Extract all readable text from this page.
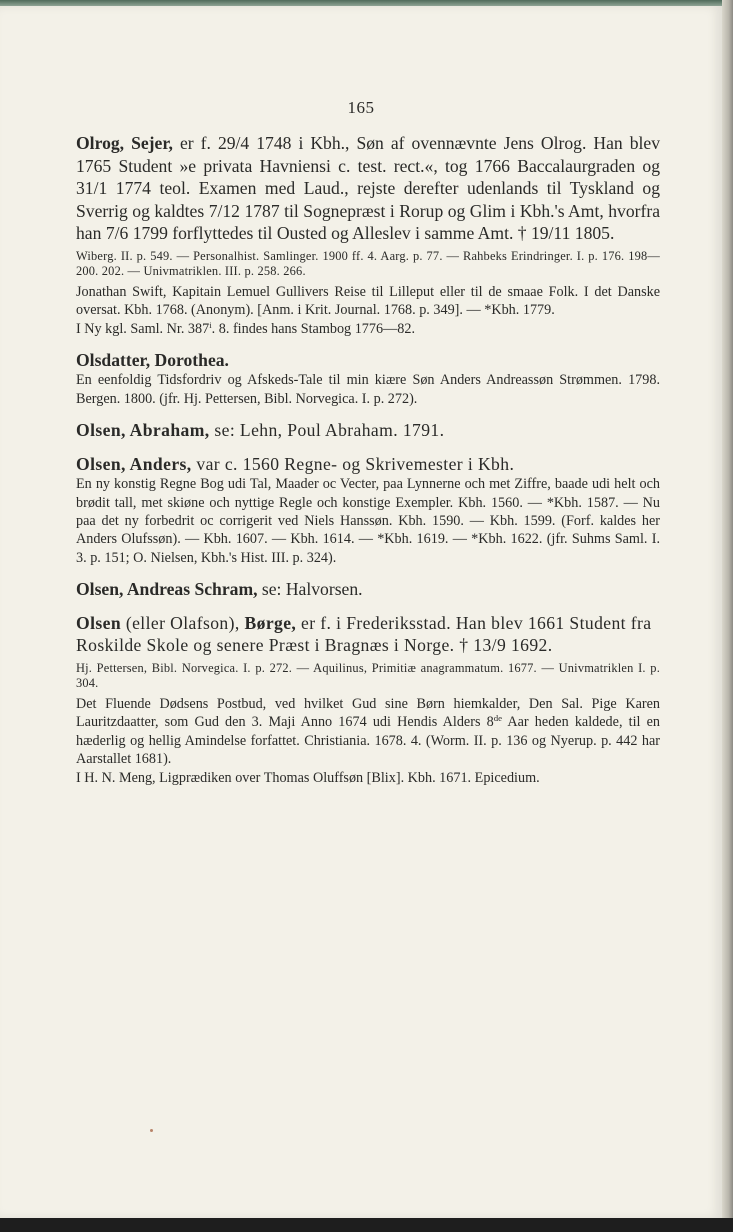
165

Olrog, Sejer, er f. 29/4 1748 i Kbh., Søn af ovennævnte Jens Olrog. Han blev 1765 Student »e privata Havniensi c. test. rect.«, tog 1766 Baccalaurgraden og 31/1 1774 teol. Examen med Laud., rejste derefter udenlands til Tyskland og Sverrig og kaldtes 7/12 1787 til Sognepræst i Rorup og Glim i Kbh.'s Amt, hvorfra han 7/6 1799 forflyttedes til Ousted og Alleslev i samme Amt. † 19/11 1805.

Wiberg. II. p. 549. — Personalhist. Samlinger. 1900 ff. 4. Aarg. p. 77. — Rahbeks Erindringer. I. p. 176. 198—200. 202. — Univmatriklen. III. p. 258. 266.

Jonathan Swift, Kapitain Lemuel Gullivers Reise til Lilleput eller til de smaae Folk. I det Danske oversat. Kbh. 1768. (Anonym). [Anm. i Krit. Journal. 1768. p. 349]. — *Kbh. 1779.

I Ny kgl. Saml. Nr. 387$^i$. 8. findes hans Stambog 1776—82.

Olsdatter, Dorothea.

En eenfoldig Tidsfordriv og Afskeds-Tale til min kiære Søn Anders Andreassøn Strømmen. 1798. Bergen. 1800. (jfr. Hj. Pettersen, Bibl. Norvegica. I. p. 272).

Olsen, Abraham, se: Lehn, Poul Abraham. 1791.

Olsen, Anders, var c. 1560 Regne- og Skrivemester i Kbh.

En ny konstig Regne Bog udi Tal, Maader oc Vecter, paa Lynnerne och met Ziffre, baade udi helt och brødit tall, met skiøne och nyttige Regle och konstige Exempler. Kbh. 1560. — *Kbh. 1587. — Nu paa det ny forbedrit oc corrigerit ved Niels Hanssøn. Kbh. 1590. — Kbh. 1599. (Forf. kaldes her Anders Olufssøn). — Kbh. 1607. — Kbh. 1614. — *Kbh. 1619. — *Kbh. 1622. (jfr. Suhms Saml. I. 3. p. 151; O. Nielsen, Kbh.'s Hist. III. p. 324).

Olsen, Andreas Schram, se: Halvorsen.

Olsen (eller Olafson), Børge, er f. i Frederiksstad. Han blev 1661 Student fra Roskilde Skole og senere Præst i Bragnæs i Norge. † 13/9 1692.

Hj. Pettersen, Bibl. Norvegica. I. p. 272. — Aquilinus, Primitiæ anagrammatum. 1677. — Univmatriklen I. p. 304.

Det Fluende Dødsens Postbud, ved hvilket Gud sine Børn hiemkalder, Den Sal. Pige Karen Lauritzdaatter, som Gud den 3. Maji Anno 1674 udi Hendis Alders 8de Aar heden kaldede, til en hæderlig og hellig Amindelse forfattet. Christiania. 1678. 4. (Worm. II. p. 136 og Nyerup. p. 442 har Aarstallet 1681).

I H. N. Meng, Ligprædiken over Thomas Oluffsøn [Blix]. Kbh. 1671. Epicedium.
